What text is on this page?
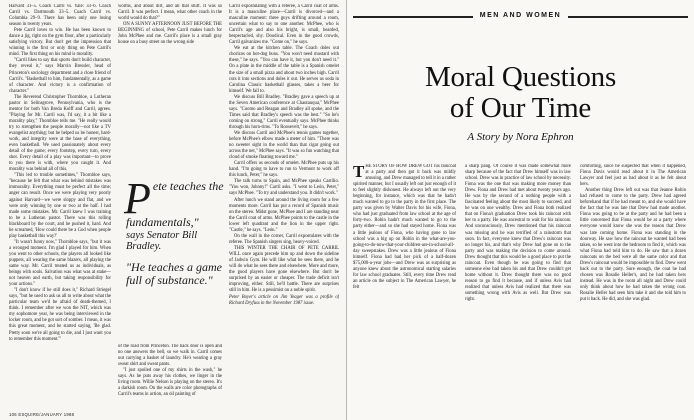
Harvard 31–5. Coach Carril vs. Yale: 33–6. Coach Carril vs. Dartmouth 33–5. Coach Carril vs. Columbia 29–9. There has been only one losing season in twenty years.

Pete Carril loves to win. He has been known to dance a jig, right on the gym floor, after a particularly satisfying victory. But don't get the impression that winning is the first or only thing on Pete Carril's mind. The first thing on his mind is morality.

"Carril likes to say that sports don't build character, they reveal it," says Marvin Bressler, head of Princeton's sociology department and a close friend of Carril's. "Basketball to him, fundamentally, as a game of character. And victory is a confirmation of character."

The Reverend Christopher Thornbloe, a Lutheran pastor in Selinsgrove, Pennsylvania, who is the mentor for both Van Breda Kolff and Carril, agrees. "Playing for Mr. Carril was, I'd say, it a bit like a morality play," Thornbloe tells me. "He really would try to strengthen the people morally—not like a TV evangelist anything; but he helped us be honest, hard-work, and integrity were at the base of everything, even basketball. We used passionately about every detail of the game; every footstep, every turn, every shot. Every detail of a play was important—to prove to you there is with, where you caught it. And morality was behind all of this.

"This led to trouble sometimes," Thornbloe says, "because he felt that what was behind mistakes was immorality. Everything must be perfect all the time; anger can result. Once we were playing very poorly against Harvard—we were sloppy and flat, and we were only winning by one or two at the half. I had made some mistakes. Mr. Carril knew I was training to be a Lutheran pastor. There was this rolling blackboard by the court, and he pushed it, hard. And he screamed, 'How could there be a God when people play basketball this way?'

"It wasn't funny now," Thornbloe says, "but it was a wronged moment. I'm glad I played for him. When you went to other schools, the players all looked like puppets, all wearing the same blazers, all playing the same way. Mr. Carril treated us as individuals, as beings with souls. Salvation was what was at stake—not heaven and earth, but taking responsibility for your actions."

"I don't know if he still does it," Richard Striegel says, "but he used to ask us all to write about what the particular team we'd be afraid of death-themed, I think. I remember after we won the NIT, which was my sophomore year, he was being interviewed in the locker room, and he got sort of somber. I mean, it was this great moment, and he started saying, 'Be glad. Pretty soon we're all going to die, and I just want you to remember this moment.'"

worms, and about dirt, and all that stuff. It was so Carril. It was perfect. I mean, what other coach in the world would do that?"

ON A SUNNY AFTERNOON JUST BEFORE THE BEGINNING of school, Pete Carril makes lunch for John McPhee and me. Carril's place is a small gray house on a busy street on the wrong side

Pete teaches the fundamentals,"
says Senator Bill Bradley.
"He teaches a game full of substance."

of the road from Princeton. The back door is open and no one answers the bell, so we walk in. Carril comes out carrying a basket of laundry. He's wearing a gray sweat shirt and sweat pants.

"I just spoiled one of my shirts in the wash," he says. As he puts away his clothes, we linger in the living room. Willie Nelson is playing on the stereo. It's a darkish room. On the walls are color photographs of Carril's teams in action, an oil painting of

Carril expostulating with a referee, a Carril coat of arms. It is a masculine place—Carril is divorced—and a masculine moment: three guys drifting around a room, uncertain what to say to one another. McPhee, who is Carril's age and also his bright, is small, bearded, bespectacled, shy. Doudical. Even in the good crowds, Carril galvanizes me. "Come on," he says.

We eat at the kitchen table. The Coach doles out chorizos on hot-dog buns. "You won't need mustard with these," he says. "You can have it, but you don't need it." On a plate in the middle of the table is a Spanish omelet the size of a small pizza and about two inches high. Carril cuts it into sections and doles it out. He serves us soda in Carolina Classic basketball glasses, takes a beer for himself. We fall to.

We discuss Bill Bradley. "Bradley gave a speech up at the Seven American conference at Chautauqua," McPhee says. "Cuomo and Reagan and Bradley all spoke, and the Times said that Bradley's speech was the best." "So he's coming on strong," Carril eventually says. McPhee thinks through his horn-rims. "To Roosevelt," he says.

We discuss Carril and McPhee's tennis games together, before McPhee's elbow made a meter of him. "There was no sweeter sight in the world than that cigar going out across the net," McPhee says. "It was so fun watching that cloud of smoke floating toward me."

Carril offers us seconds of omelet. McPhee puts up his hand. "I'm going to have to run to Vermont to work off this lunch, Peter," he says.

The talk turns to Spain, and McPhee speaks Castilio. "You won, Johnny!" Carril asks. "I went to León, Peter," says McPhee. "To try and understand you. It didn't work."

After lunch we stand around the living room for a few moments more. Carril has put a record of Spanish music on the stereo. Midst gone, McPhee and I are standing near the Carril coat of arms. McPhee points to the castle in the lower left quadrant and the lion in the upper right. "Castle," he says. "León."

On the wall in the corner, Carril expostulates with the referee. The Spanish singers sing, heavy-voiced.

THIS WINTER THE CHAIR OF PETE CARRIL WILL once again precede him up and down the sideline of Jadwin Gym. He will like what he sees there, and he will do what he sees there and elsewhere. More and more, the good players have gone elsewhere. But don't be surprised by an easier or cheaper. The trade deficit isn't improving, either. Still, he'll battle. There are surprises still in him. He is a pessimist on a noble spirit.

Peter Boyer's article on Jim Yeager was a profile of Richard Dryfuss in the November 1987 issue.

106 ESQUIRE/JANUARY 1988
MEN AND WOMEN
Moral Questions
of Our Time
A Story by Nora Ephron

THE STORY OF HOW DREW GOT his raincoat at a party and then got it back was mildly amusing, and Drew managed to tell it in a rather spirited manner, but I usually left out just enough of it to feel slightly dishonest. He always left out the very beginning, for instance, which was that he hadn't much wanted to go to the party in the first place. The party was given by Walter Davis for his wife, Fiona, who had just graduated from law school at the age of forty-two. Robin hadn't much wanted to go to the party either—and so she had stayed home. Fiona was a little jealous of Fiona, who having gone to law school was a big up on Robin in the what-are-you-going-to-do-now-that-your-children-are-in-school-all-day sweepstakes. Drew was a little jealous of Fiona himself. Fiona had had her pick of a half-dozen $75,000-a-year jobs—and Drew was as surprising as anyone knew about the astronomical starting salaries for law school graduates. Still, every time Drew read an article on the subject in The American Lawyer, he felt

a sharp pang. Of course it was made somewhat more sharp because of the fact that Drew himself was in law school. Drew was in practice of law school by necessity. Fiona was the one that was making more money than Drew. Fiona and Drew had met about twenty years ago. He was by the second of a nothing people with a fascinated feeling about the most likely to succeed, and he was on one wealthy. Drew and Fiona both realized that on Fiona's graduation Drew took his raincoat with her to a party. He was ancestral to wait for his raincoat. And unconsciously, Drew mentioned that his raincoat was missing and he was terrified of a rainstorm that soon. In fact, everyone knew that Drew's raincoat was no longer his, and that's why Drew had gone on to the party and was making the decision to come around. Drew thought that this would be a good place to put the raincoat. Even though he was going to find that someone else had taken his and that Drew couldn't get home without it. Drew thought there was no good reason to go find it because, and if unless Avis had realized that unless Avis had realized that there was something wrong with Avis as well. But Drew was right.

comforting, since he suspected that when it happened, Fiona Davis would read about it in The American Lawyer and feel just as bad about it as he felt about hers.

Another thing Drew left out was that Jeanne Robin had refused to come to the party. Drew had agreed beforehand that if he had meant to, and she would have the fact that he was late that Drew had made another. Fiona was going to be at the party and he had been a little concerned that Fiona would be at a party where everyone would know she was the reason that Drew was late coming home. Fiona was standing in the doorway. He saw how the raincoat he wanted had been taken, so he went into the bedroom to find it, which was what Fiona had told him to do. He saw that a dozen raincoats on the bed were all the same color and that Drew's raincoat would be impossible to find. Drew went back out to the party. Sure enough, the coat he had chosen was Rosalie Heller's, and he had taken hers instead. He was in the room all night and Drew could only think about how he had taken the wrong coat. Rosalie Heller had seen him take it and she told him to put it back. He did, and she was glad.
